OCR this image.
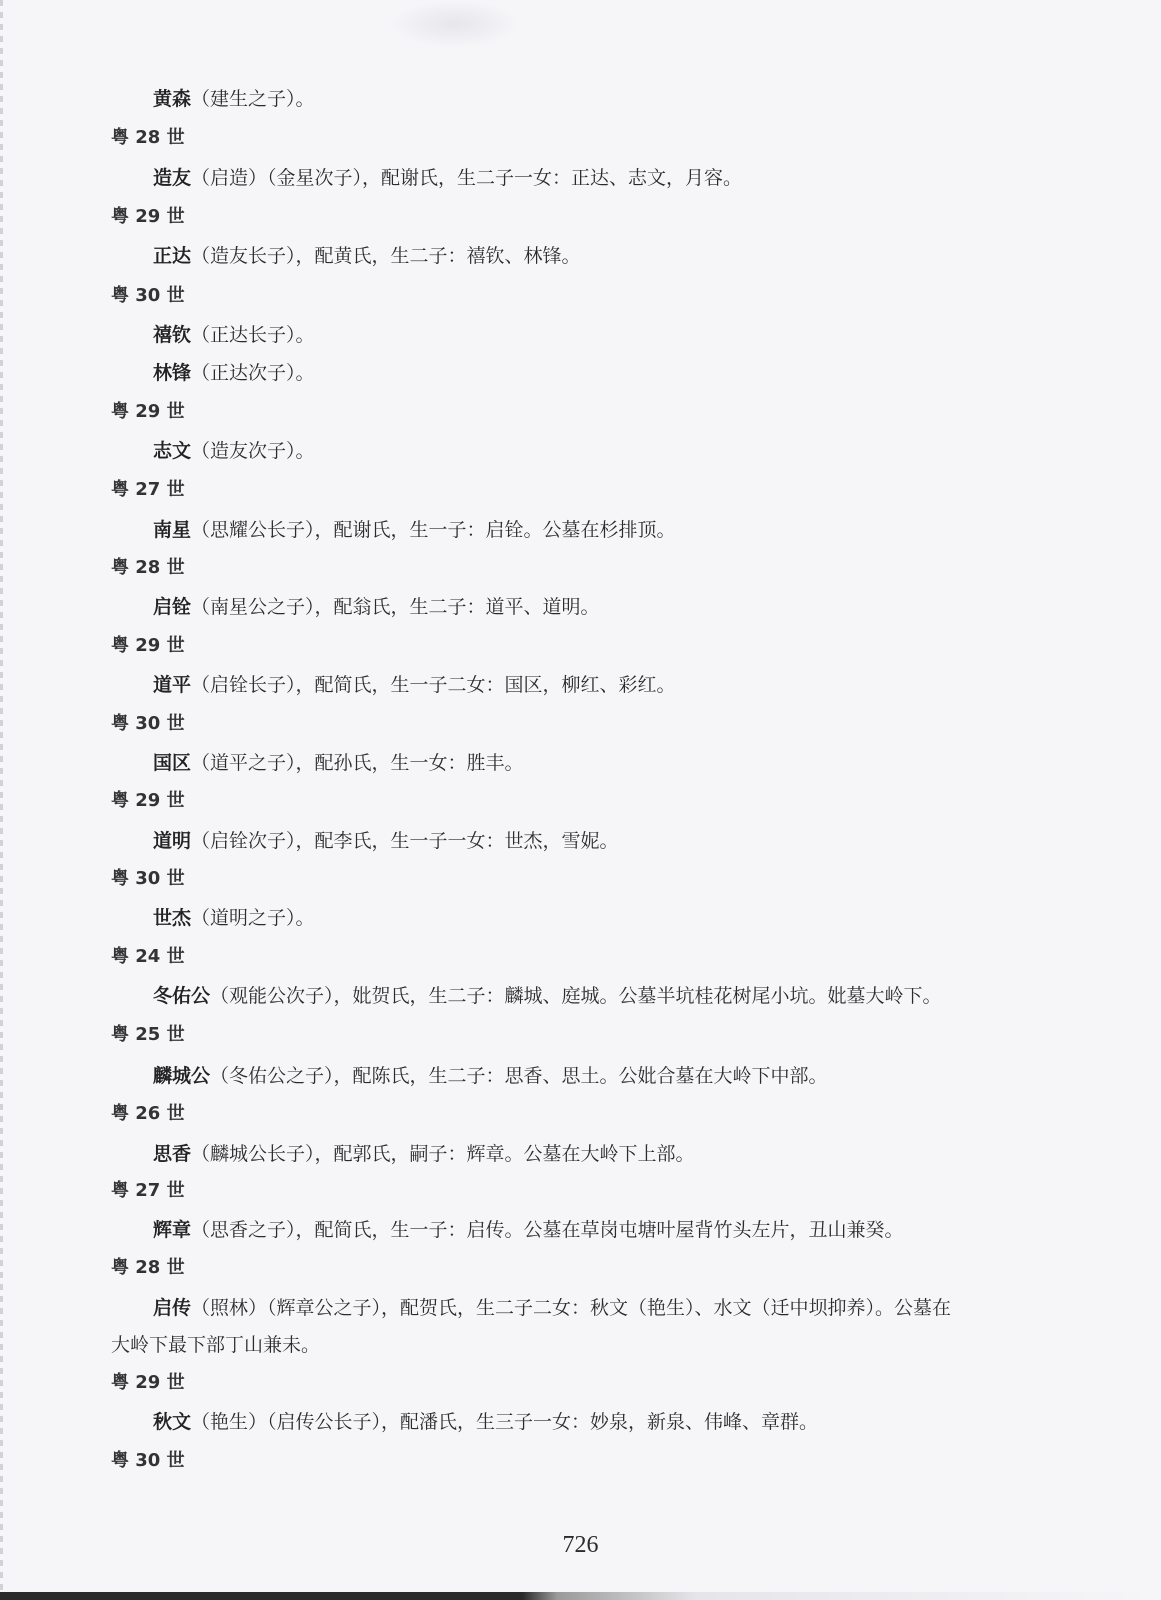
黄森（建生之子）。
粤 28 世
造友（启造）（金星次子），配谢氏，生二子一女：正达、志文，月容。
粤 29 世
正达（造友长子），配黄氏，生二子：禧钦、林锋。
粤 30 世
禧钦（正达长子）。
林锋（正达次子）。
粤 29 世
志文（造友次子）。
粤 27 世
南星（思耀公长子），配谢氏，生一子：启铨。公墓在杉排顶。
粤 28 世
启铨（南星公之子），配翁氏，生二子：道平、道明。
粤 29 世
道平（启铨长子），配简氏，生一子二女：国区，柳红、彩红。
粤 30 世
国区（道平之子），配孙氏，生一女：胜丰。
粤 29 世
道明（启铨次子），配李氏，生一子一女：世杰，雪妮。
粤 30 世
世杰（道明之子）。
粤 24 世
冬佑公（观能公次子），妣贺氏，生二子：麟城、庭城。公墓半坑桂花树尾小坑。妣墓大岭下。
粤 25 世
麟城公（冬佑公之子），配陈氏，生二子：思香、思土。公妣合墓在大岭下中部。
粤 26 世
思香（麟城公长子），配郭氏，嗣子：辉章。公墓在大岭下上部。
粤 27 世
辉章（思香之子），配简氏，生一子：启传。公墓在草岗屯塘叶屋背竹头左片，丑山兼癸。
粤 28 世
启传（照林）（辉章公之子），配贺氏，生二子二女：秋文（艳生）、水文（迁中坝抑养）。公墓在
大岭下最下部丁山兼未。
粤 29 世
秋文（艳生）（启传公长子），配潘氏，生三子一女：妙泉，新泉、伟峰、章群。
粤 30 世
726
